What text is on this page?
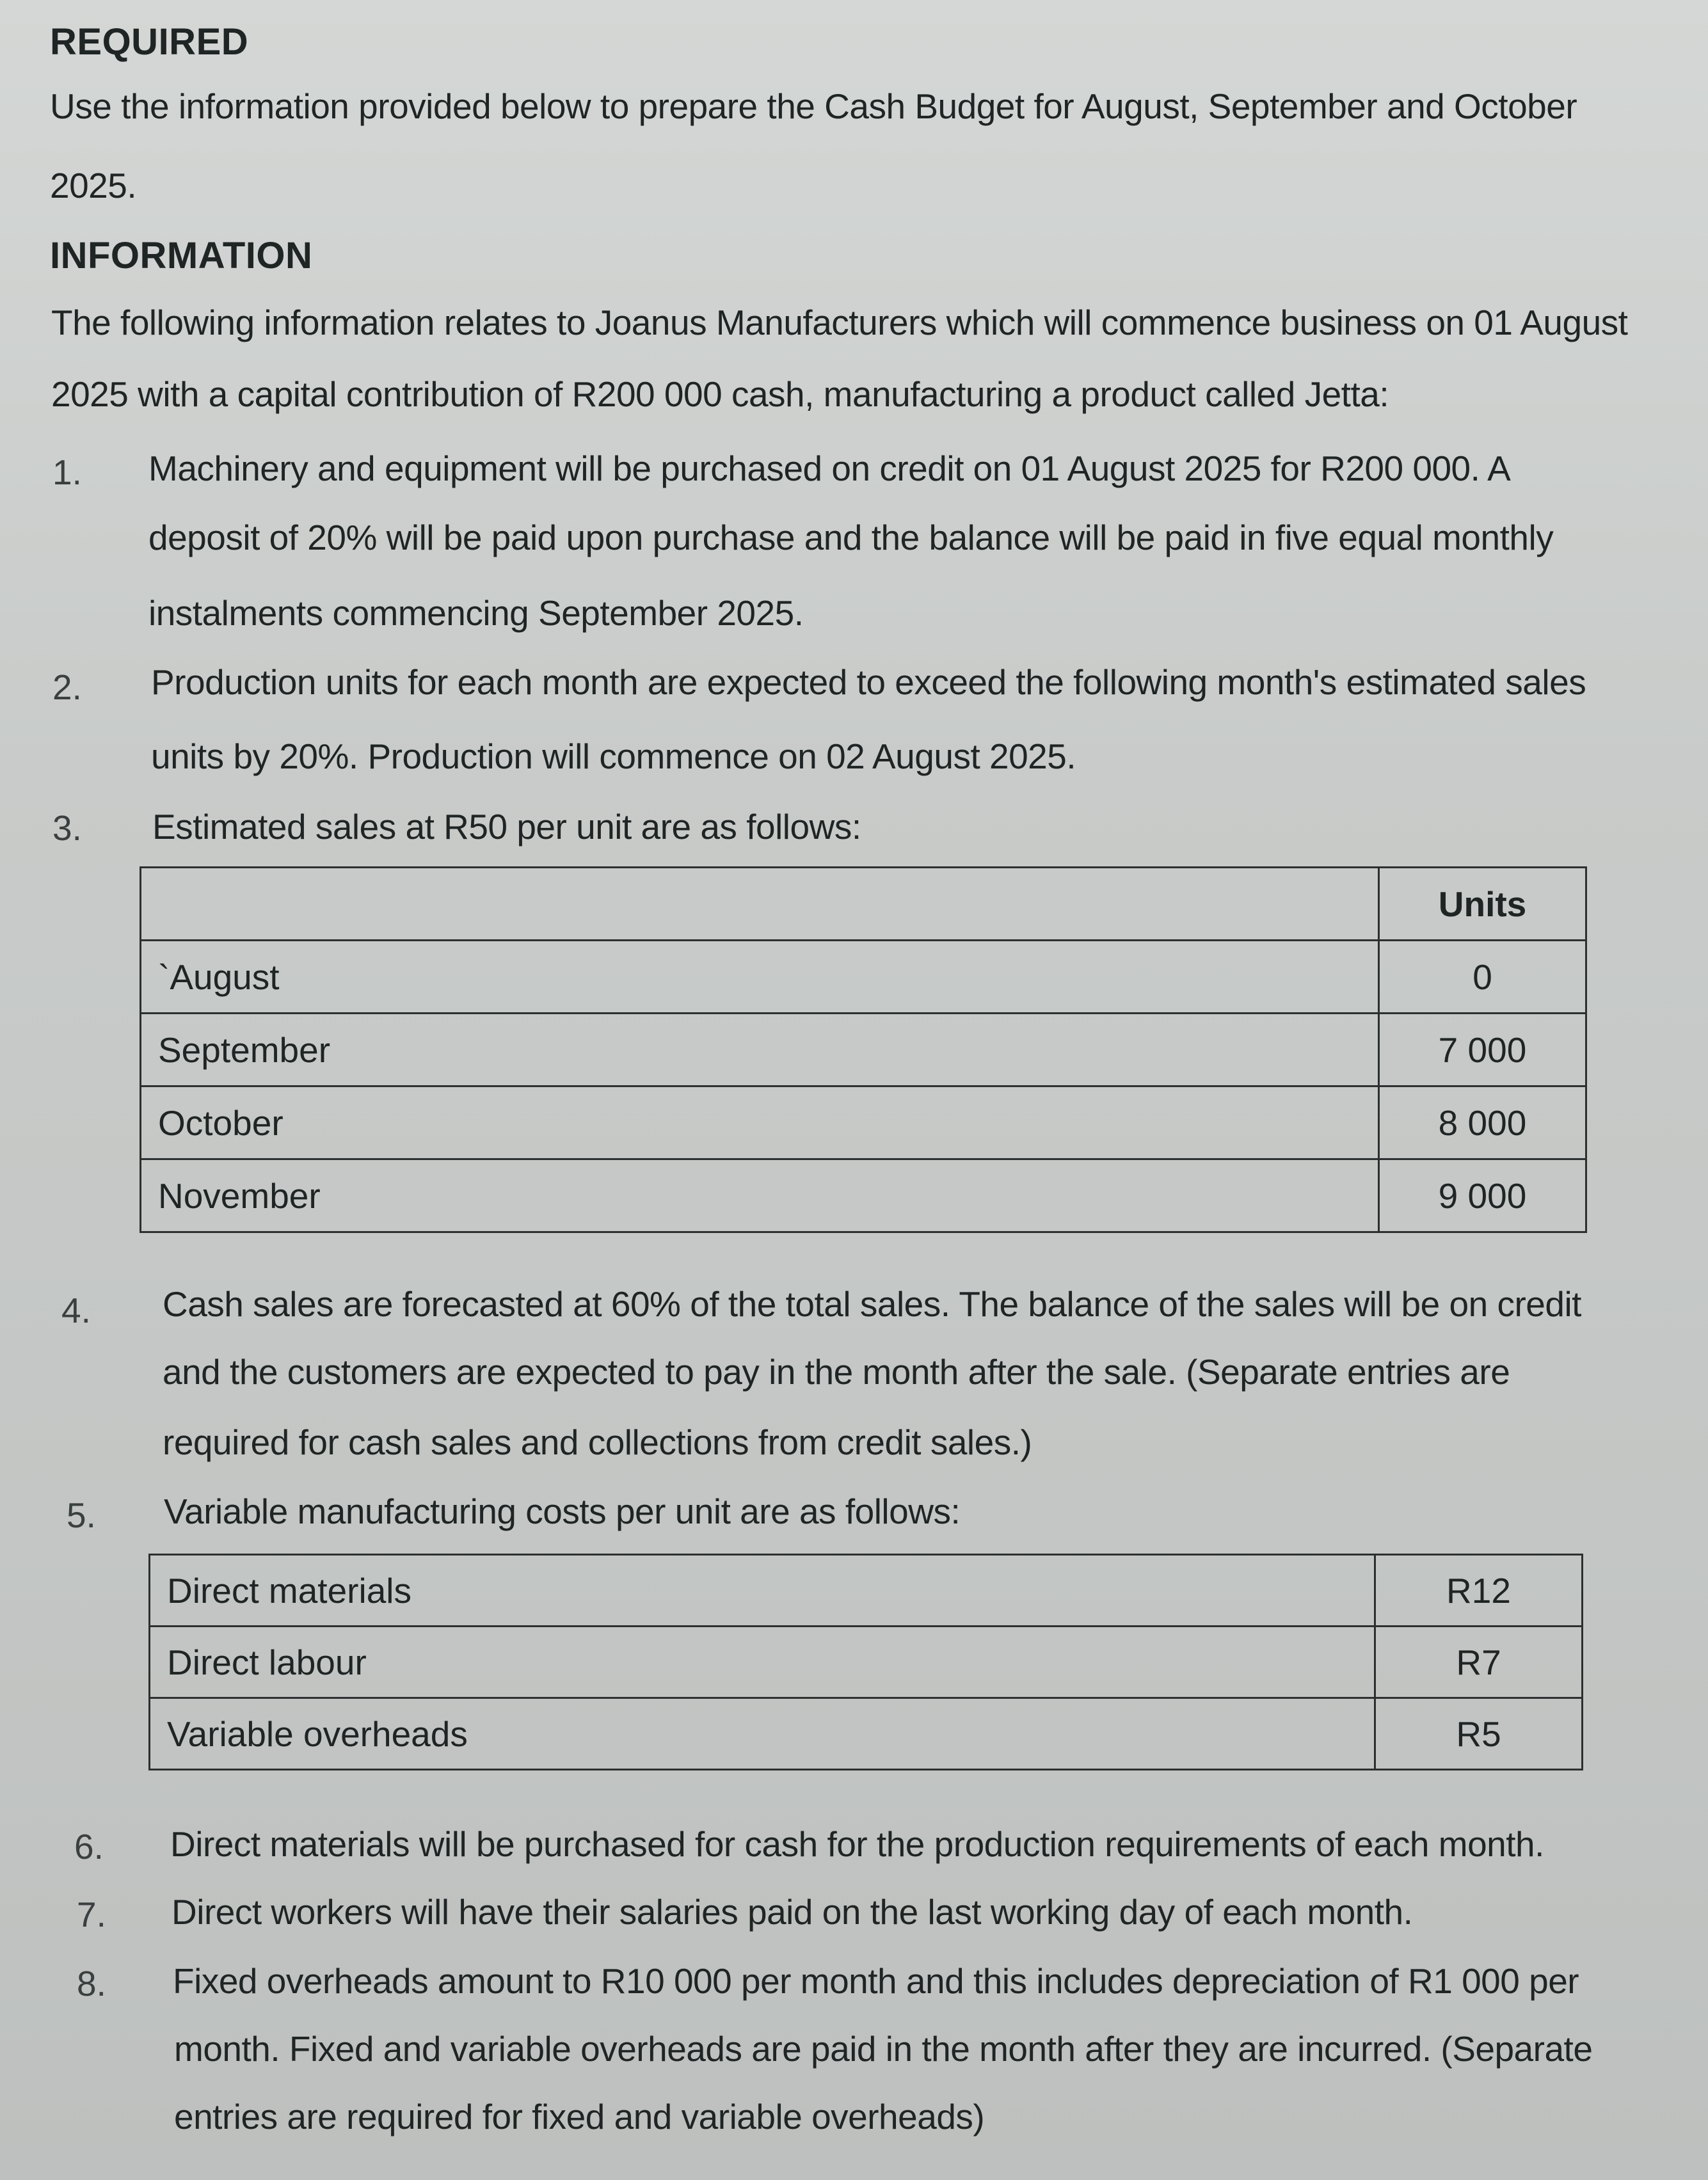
REQUIRED
Use the information provided below to prepare the Cash Budget for August, September and October
2025.
INFORMATION
The following information relates to Joanus Manufacturers which will commence business on 01 August
2025 with a capital contribution of R200 000 cash, manufacturing a product called Jetta:
1. Machinery and equipment will be purchased on credit on 01 August 2025 for R200 000. A
deposit of 20% will be paid upon purchase and the balance will be paid in five equal monthly
instalments commencing September 2025.
2. Production units for each month are expected to exceed the following month's estimated sales
units by 20%. Production will commence on 02 August 2025.
3. Estimated sales at R50 per unit are as follows:
	Units
`August	0
September	7 000
October	8 000
November	9 000
4. Cash sales are forecasted at 60% of the total sales. The balance of the sales will be on credit
and the customers are expected to pay in the month after the sale. (Separate entries are
required for cash sales and collections from credit sales.)
5. Variable manufacturing costs per unit are as follows:
Direct materials	R12
Direct labour	R7
Variable overheads	R5
6. Direct materials will be purchased for cash for the production requirements of each month.
7. Direct workers will have their salaries paid on the last working day of each month.
8. Fixed overheads amount to R10 000 per month and this includes depreciation of R1 000 per
month. Fixed and variable overheads are paid in the month after they are incurred. (Separate
entries are required for fixed and variable overheads)
